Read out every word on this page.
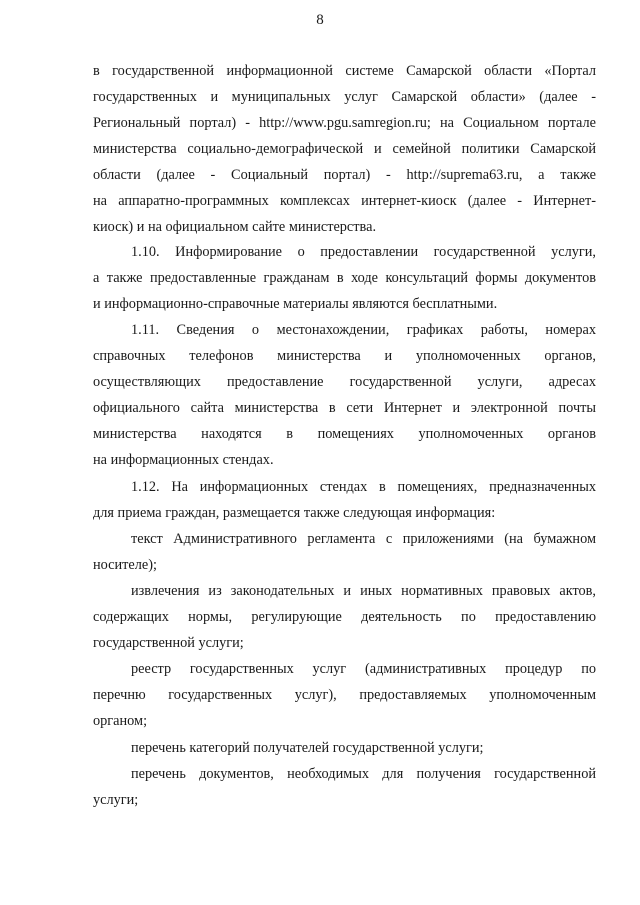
8
в государственной информационной системе Самарской области «Портал
государственных и муниципальных услуг Самарской области» (далее -
Региональный портал) - http://www.pgu.samregion.ru; на Социальном портале
министерства социально-демографической и семейной политики Самарской
области (далее - Социальный портал) - http://suprema63.ru, а также
на аппаратно-программных комплексах интернет-киоск (далее - Интернет-
киоск) и на официальном сайте министерства.
1.10. Информирование о предоставлении государственной услуги,
а также предоставленные гражданам в ходе консультаций формы документов
и информационно-справочные материалы являются бесплатными.
1.11. Сведения о местонахождении, графиках работы, номерах
справочных телефонов министерства и уполномоченных органов,
осуществляющих предоставление государственной услуги, адресах
официального сайта министерства в сети Интернет и электронной почты
министерства находятся в помещениях уполномоченных органов
на информационных стендах.
1.12. На информационных стендах в помещениях, предназначенных
для приема граждан, размещается также следующая информация:
текст Административного регламента с приложениями (на бумажном
носителе);
извлечения из законодательных и иных нормативных правовых актов,
содержащих нормы, регулирующие деятельность по предоставлению
государственной услуги;
реестр государственных услуг (административных процедур по
перечню государственных услуг), предоставляемых уполномоченным
органом;
перечень категорий получателей государственной услуги;
перечень документов, необходимых для получения государственной
услуги;
